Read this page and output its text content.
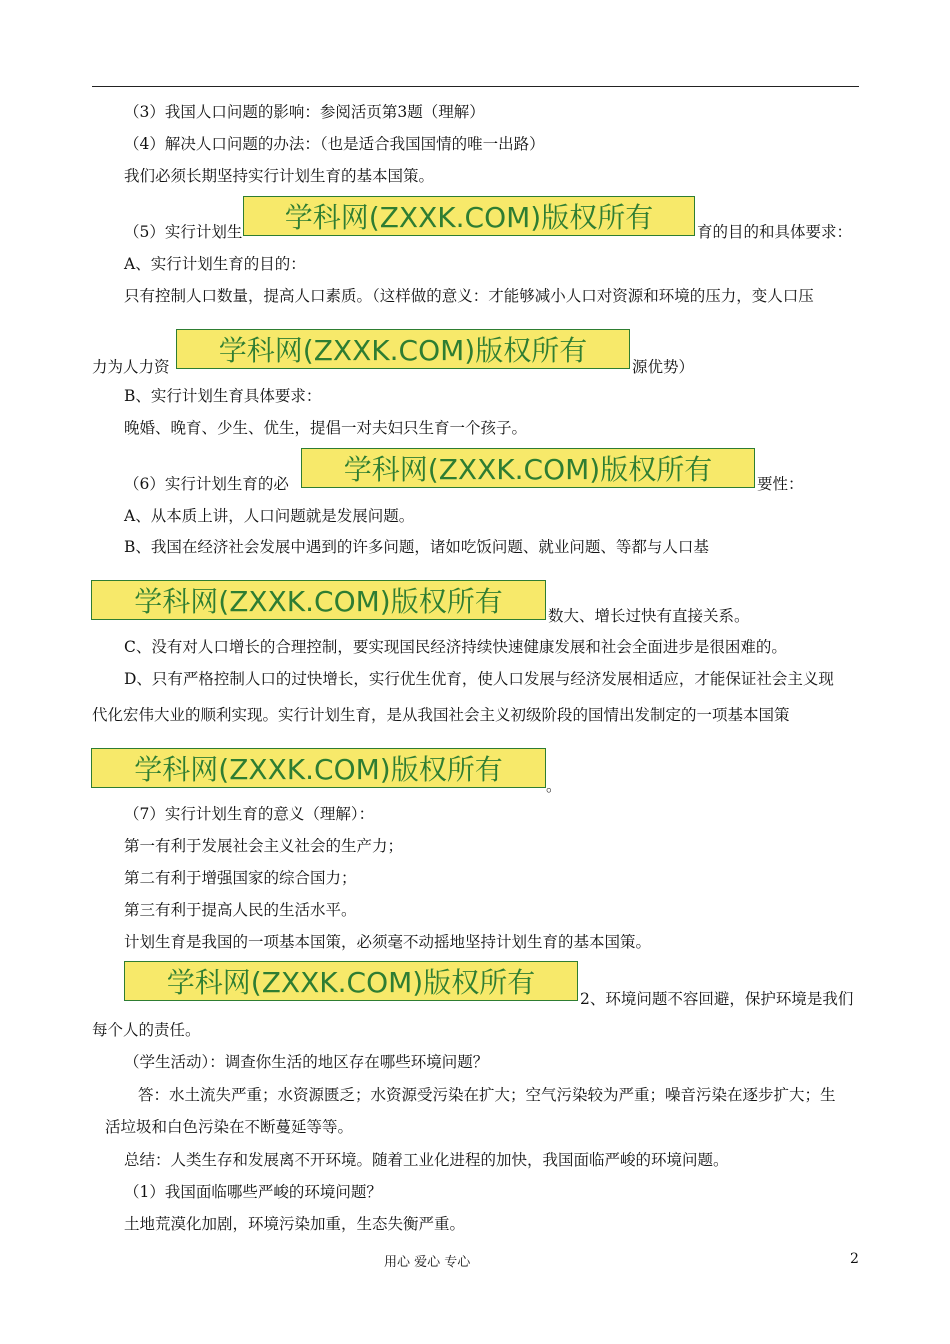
（3）我国人口问题的影响：参阅活页第3题（理解）
（4）解决人口问题的办法：（也是适合我国国情的唯一出路）
我们必须长期坚持实行计划生育的基本国策。
（5）实行计划生	学科网(ZXXK.COM)版权所有	育的目的和具体要求：
A、实行计划生育的目的：
只有控制人口数量，提高人口素质。（这样做的意义：才能够减小人口对资源和环境的压力，变人口压
力为人力资	学科网(ZXXK.COM)版权所有	源优势）
B、实行计划生育具体要求：
晚婚、晚育、少生、优生，提倡一对夫妇只生育一个孩子。
（6）实行计划生育的必	学科网(ZXXK.COM)版权所有	要性：
A、从本质上讲，人口问题就是发展问题。
B、我国在经济社会发展中遇到的许多问题，诸如吃饭问题、就业问题、等都与人口基
学科网(ZXXK.COM)版权所有	数大、增长过快有直接关系。
C、没有对人口增长的合理控制，要实现国民经济持续快速健康发展和社会全面进步是很困难的。
D、只有严格控制人口的过快增长，实行优生优育，使人口发展与经济发展相适应，才能保证社会主义现
代化宏伟大业的顺利实现。实行计划生育，是从我国社会主义初级阶段的国情出发制定的一项基本国策
学科网(ZXXK.COM)版权所有	。
（7）实行计划生育的意义（理解）：
第一有利于发展社会主义社会的生产力；
第二有利于增强国家的综合国力；
第三有利于提高人民的生活水平。
计划生育是我国的一项基本国策，必须毫不动摇地坚持计划生育的基本国策。
学科网(ZXXK.COM)版权所有	2、环境问题不容回避，保护环境是我们
每个人的责任。
（学生活动）：调查你生活的地区存在哪些环境问题？
答：水土流失严重；水资源匮乏；水资源受污染在扩大；空气污染较为严重；噪音污染在逐步扩大；生
活垃圾和白色污染在不断蔓延等等。
总结：人类生存和发展离不开环境。随着工业化进程的加快，我国面临严峻的环境问题。
（1）我国面临哪些严峻的环境问题？
土地荒漠化加剧，环境污染加重，生态失衡严重。
用心 爱心 专心	2
